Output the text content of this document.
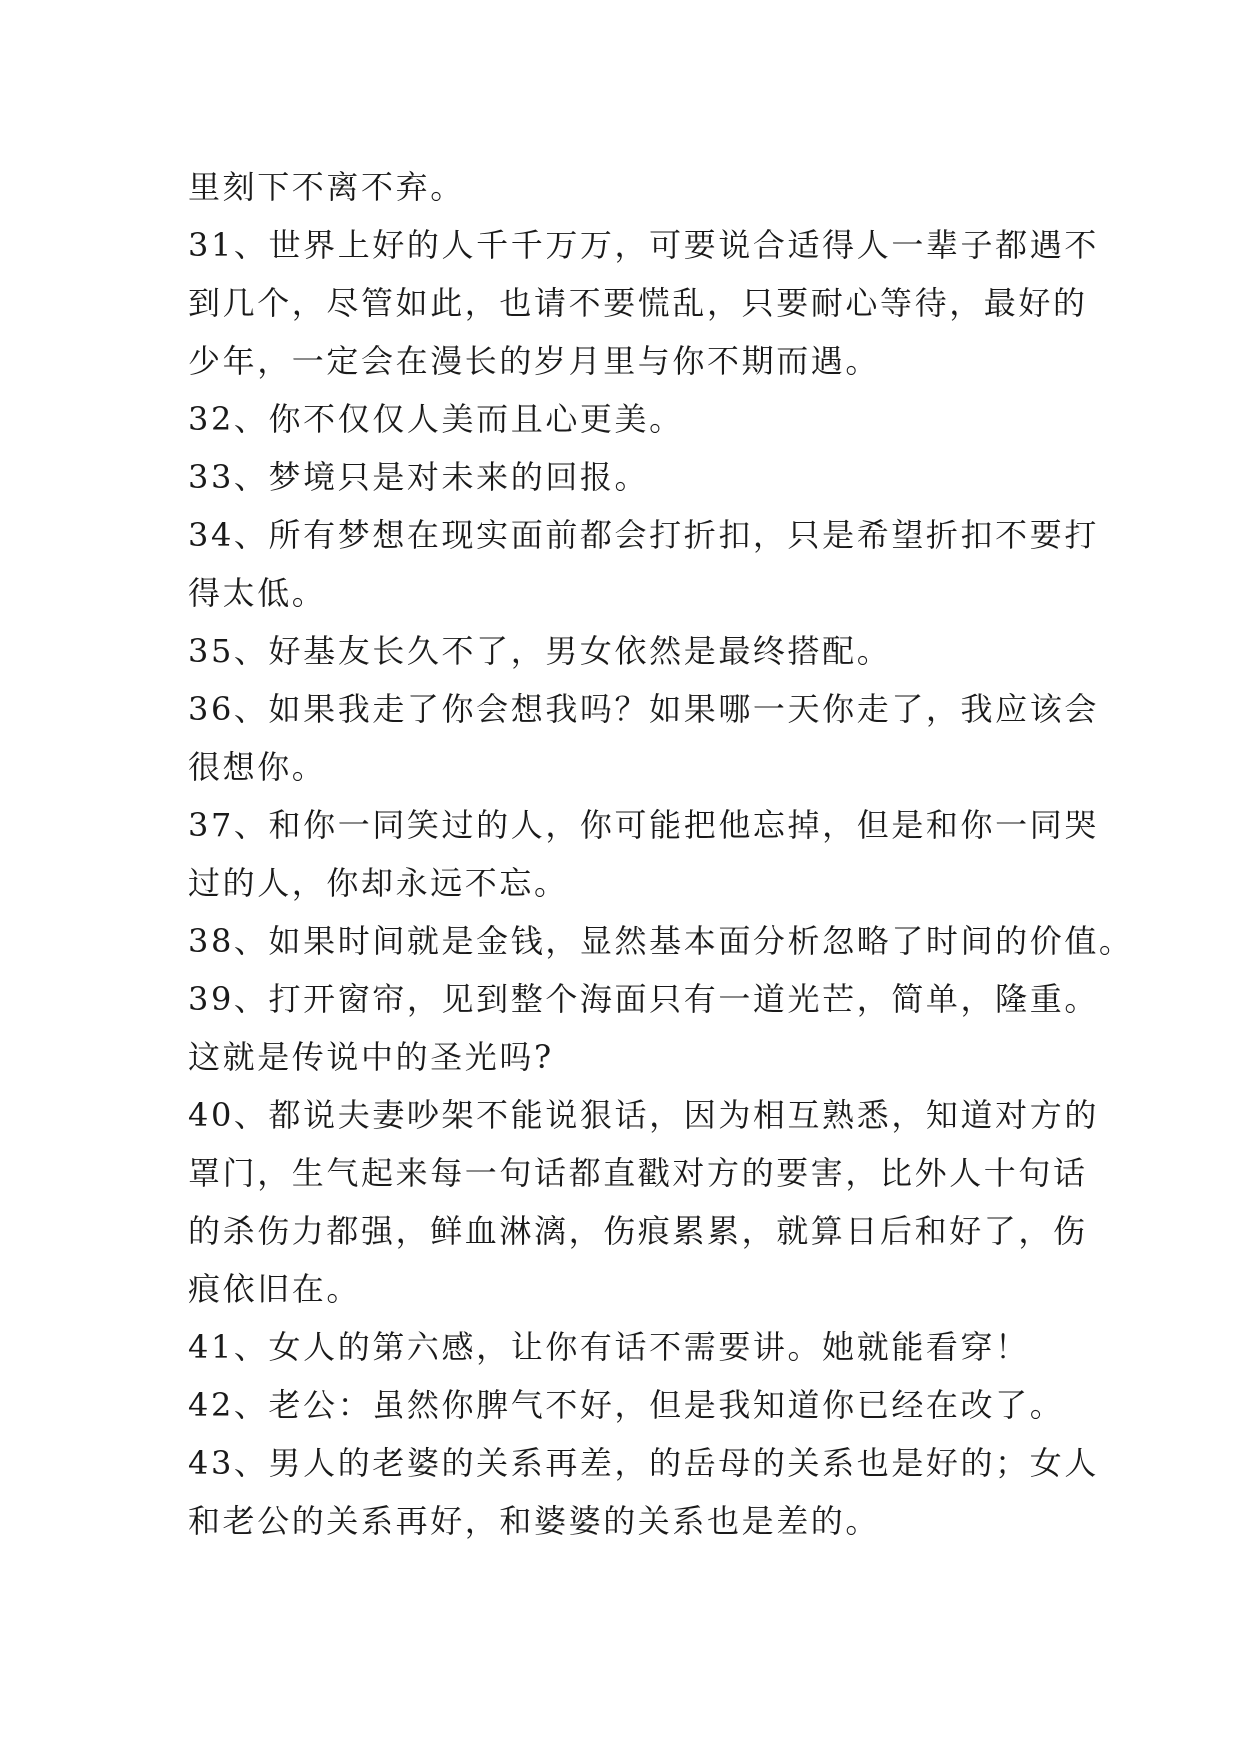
里刻下不离不弃。
31、世界上好的人千千万万，可要说合适得人一辈子都遇不
到几个，尽管如此，也请不要慌乱，只要耐心等待，最好的
少年，一定会在漫长的岁月里与你不期而遇。
32、你不仅仅人美而且心更美。
33、梦境只是对未来的回报。
34、所有梦想在现实面前都会打折扣，只是希望折扣不要打
得太低。
35、好基友长久不了，男女依然是最终搭配。
36、如果我走了你会想我吗？如果哪一天你走了，我应该会
很想你。
37、和你一同笑过的人，你可能把他忘掉，但是和你一同哭
过的人，你却永远不忘。
38、如果时间就是金钱，显然基本面分析忽略了时间的价值。
39、打开窗帘，见到整个海面只有一道光芒，简单，隆重。
这就是传说中的圣光吗?
40、都说夫妻吵架不能说狠话，因为相互熟悉，知道对方的
罩门，生气起来每一句话都直戳对方的要害，比外人十句话
的杀伤力都强，鲜血淋漓，伤痕累累，就算日后和好了，伤
痕依旧在。
41、女人的第六感，让你有话不需要讲。她就能看穿！
42、老公：虽然你脾气不好，但是我知道你已经在改了。
43、男人的老婆的关系再差，的岳母的关系也是好的；女人
和老公的关系再好，和婆婆的关系也是差的。
